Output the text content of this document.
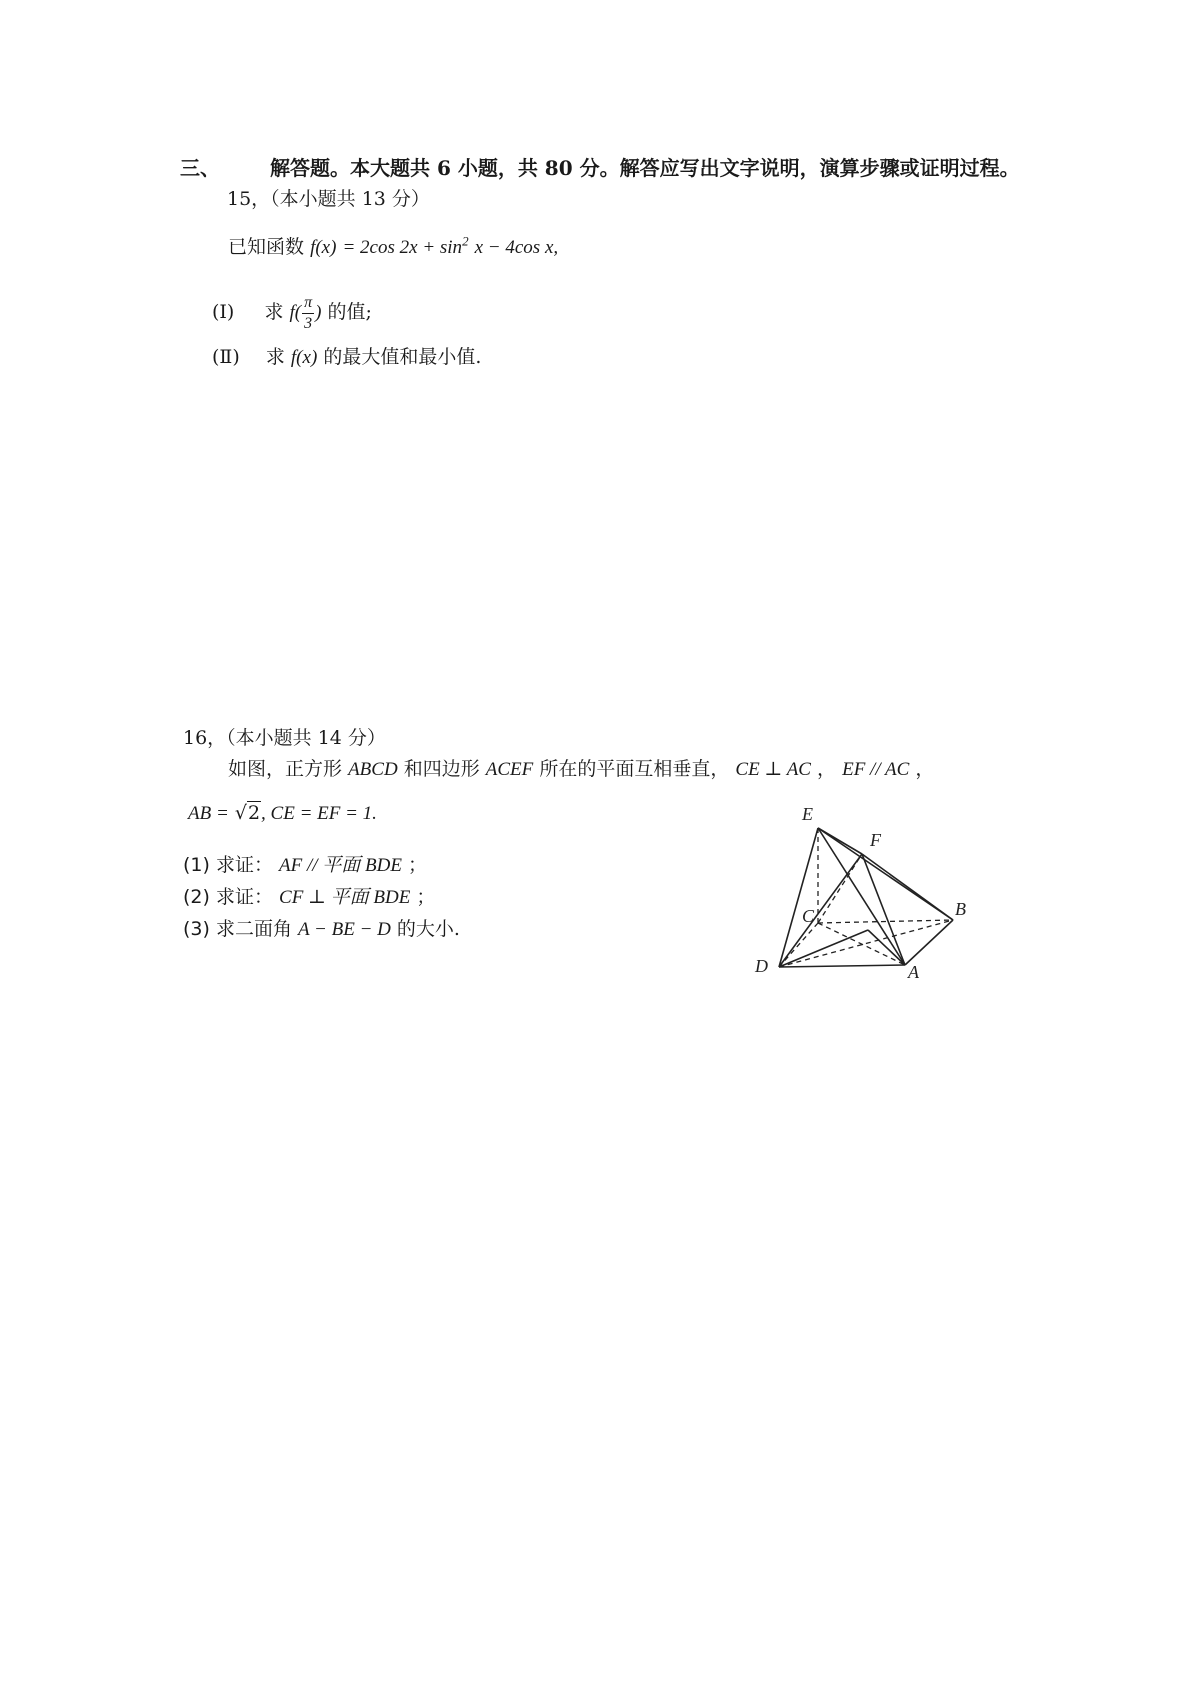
三、	解答题。本大题共 6 小题，共 80 分。解答应写出文字说明，演算步骤或证明过程。
15，（本小题共 13 分）
已知函数 f(x) = 2cos $2x + \sin^2 x - 4\cos$ x,
(Ⅰ) 求 $f( \frac{\pi}{3}$ ) 的值;
(Ⅱ) 求 f(x) 的最大值和最小值.
16，（本小题共 14 分）
如图，正方形 ABCD 和四边形 ACEF 所在的平面互相垂直， CE ⊥ AC ， EF // AC ，
AB = √2, CE = EF = 1.
(1) 求证： AF // 平面 BDE ；
(2) 求证： CF ⊥ 平面 BDE ；
(3) 求二面角 A − BE − D 的大小.
E
F
B
C
D	A
